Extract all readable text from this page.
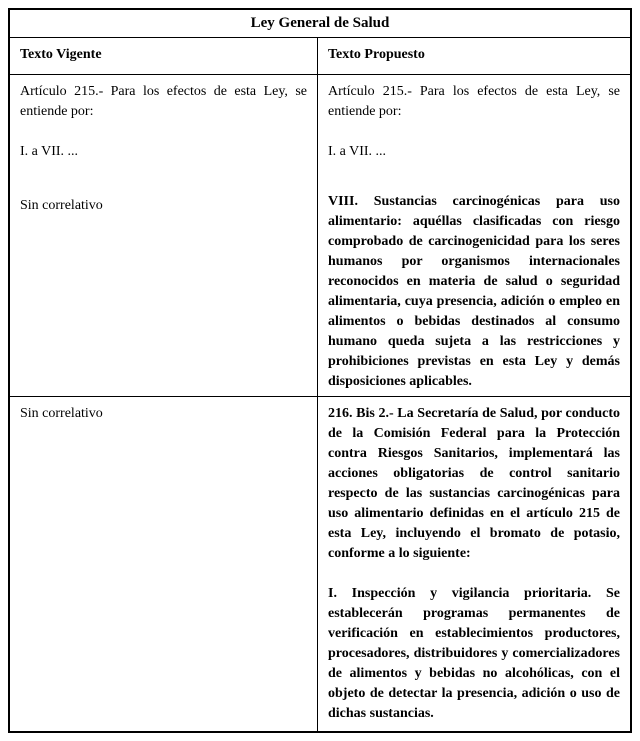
Ley General de Salud
Texto Vigente	Texto Propuesto

Artículo 215.- Para los efectos de esta Ley, se entiende por:

I. a VII. ...

Sin correlativo

Artículo 215.- Para los efectos de esta Ley, se entiende por:

I. a VII. ...

VIII. Sustancias carcinogénicas para uso alimentario: aquéllas clasificadas con riesgo comprobado de carcinogenicidad para los seres humanos por organismos internacionales reconocidos en materia de salud o seguridad alimentaria, cuya presencia, adición o empleo en alimentos o bebidas destinados al consumo humano queda sujeta a las restricciones y prohibiciones previstas en esta Ley y demás disposiciones aplicables.

Sin correlativo	216. Bis 2.- La Secretaría de Salud, por conducto de la Comisión Federal para la Protección contra Riesgos Sanitarios, implementará las acciones obligatorias de control sanitario respecto de las sustancias carcinogénicas para uso alimentario definidas en el artículo 215 de esta Ley, incluyendo el bromato de potasio, conforme a lo siguiente:

I. Inspección y vigilancia prioritaria. Se establecerán programas permanentes de verificación en establecimientos productores, procesadores, distribuidores y comercializadores de alimentos y bebidas no alcohólicas, con el objeto de detectar la presencia, adición o uso de dichas sustancias.
